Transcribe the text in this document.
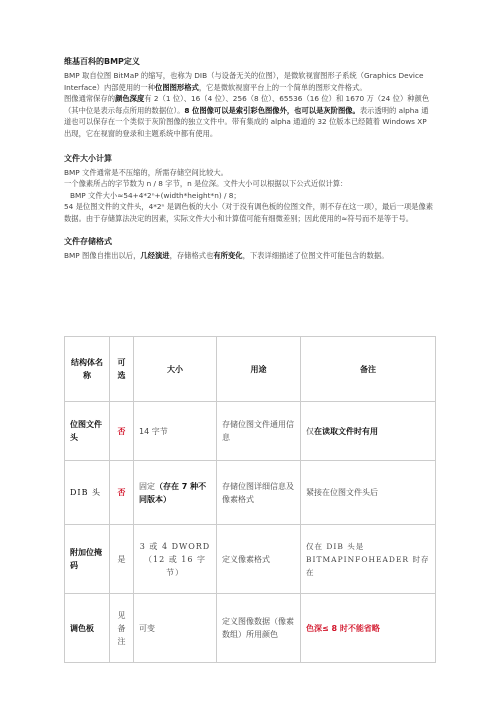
维基百科的BMP定义

BMP 取自位图 BitMaP 的缩写，也称为 DIB（与设备无关的位图），是微软视窗图形子系统（Graphics Device Interface）内部使用的一种位图图形格式，它是微软视窗平台上的一个简单的图形文件格式。

图像通常保存的颜色深度有 2（1 位）、16（4 位）、256（8 位）、65536（16 位）和 1670 万（24 位）种颜色（其中位是表示每点所用的数据位）。8 位图像可以是索引彩色图像外，也可以是灰阶图像。表示透明的 alpha 通道也可以保存在一个类似于灰阶图像的独立文件中。带有集成的 alpha 通道的 32 位版本已经随着 Windows XP 出现，它在视窗的登录和主题系统中都有使用。

文件大小计算

BMP 文件通常是不压缩的，所需存储空间比较大。

一个像素所占的字节数为 n / 8 字节，n 是位深。文件大小可以根据以下公式近似计算：

BMP 文件大小≈54+4*2ⁿ+(width*height*n) / 8；

54 是位图文件的文件头，4*2ⁿ 是调色板的大小（对于没有调色板的位图文件，则不存在这一项），最后一项是像素数据。由于存储算法决定的因素，实际文件大小和计算值可能有细微差别；因此使用的≈符号而不是等于号。

文件存储格式

BMP 图像自推出以后，几经演进，存储格式也有所变化，下表详细描述了位图文件可能包含的数据。

结构体名称	可选	大小	用途	备注
位图文件头	否	14 字节	存储位图文件通用信息	仅在读取文件时有用
DIB 头	否	固定（存在 7 种不同版本）	存储位图详细信息及像素格式	紧接在位图文件头后
附加位掩码	是	3 或 4 DWORD（12 或 16 字节）	定义像素格式	仅在 DIB 头是 BITMAPINFOHEADER 时存在
调色板	见备注	可变	定义图像数据（像素数组）所用颜色	色深≤ 8 时不能省略
